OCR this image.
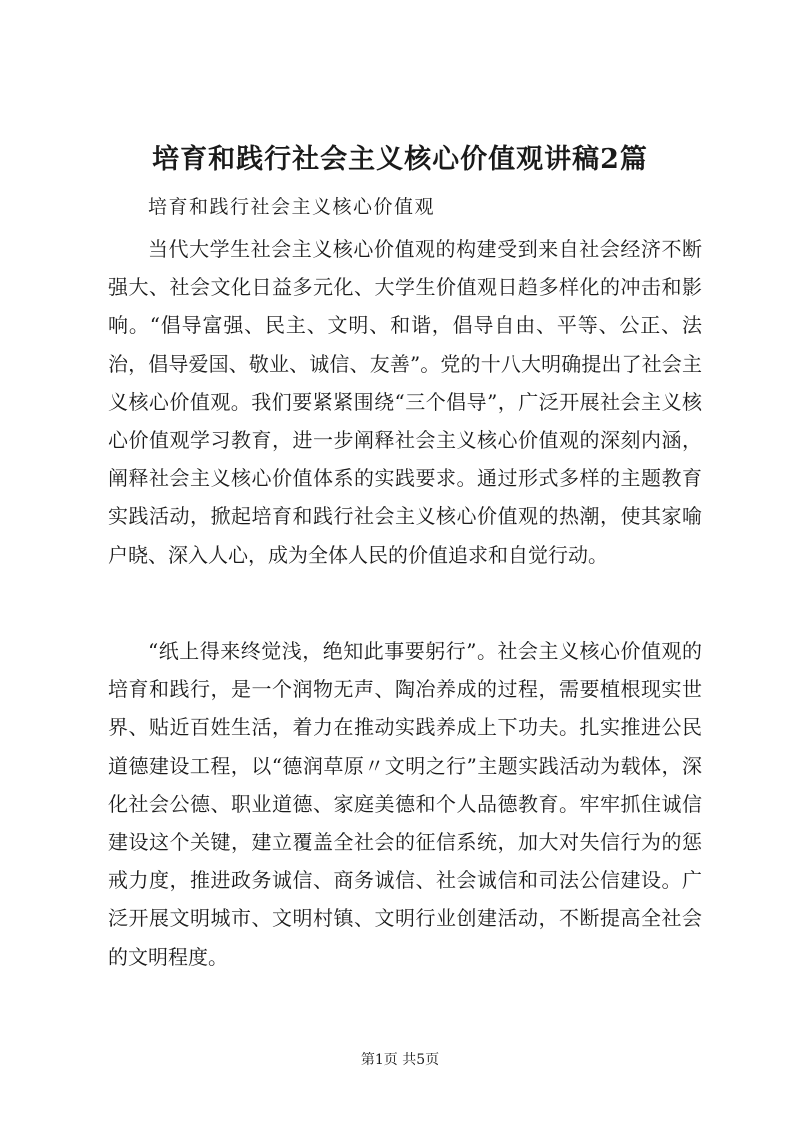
培育和践行社会主义核心价值观讲稿2篇
培育和践行社会主义核心价值观

当代大学生社会主义核心价值观的构建受到来自社会经济不断强大、社会文化日益多元化、大学生价值观日趋多样化的冲击和影响。“倡导富强、民主、文明、和谐，倡导自由、平等、公正、法治，倡导爱国、敬业、诚信、友善”。党的十八大明确提出了社会主义核心价值观。我们要紧紧围绕“三个倡导”，广泛开展社会主义核心价值观学习教育，进一步阐释社会主义核心价值观的深刻内涵，阐释社会主义核心价值体系的实践要求。通过形式多样的主题教育实践活动，掀起培育和践行社会主义核心价值观的热潮，使其家喻户晓、深入人心，成为全体人民的价值追求和自觉行动。

“纸上得来终觉浅，绝知此事要躬行”。社会主义核心价值观的培育和践行，是一个润物无声、陶冶养成的过程，需要植根现实世界、贴近百姓生活，着力在推动实践养成上下功夫。扎实推进公民道德建设工程，以“德润草原〃文明之行”主题实践活动为载体，深化社会公德、职业道德、家庭美德和个人品德教育。牢牢抓住诚信建设这个关键，建立覆盖全社会的征信系统，加大对失信行为的惩戒力度，推进政务诚信、商务诚信、社会诚信和司法公信建设。广泛开展文明城市、文明村镇、文明行业创建活动，不断提高全社会的文明程度。

第1页 共5页
